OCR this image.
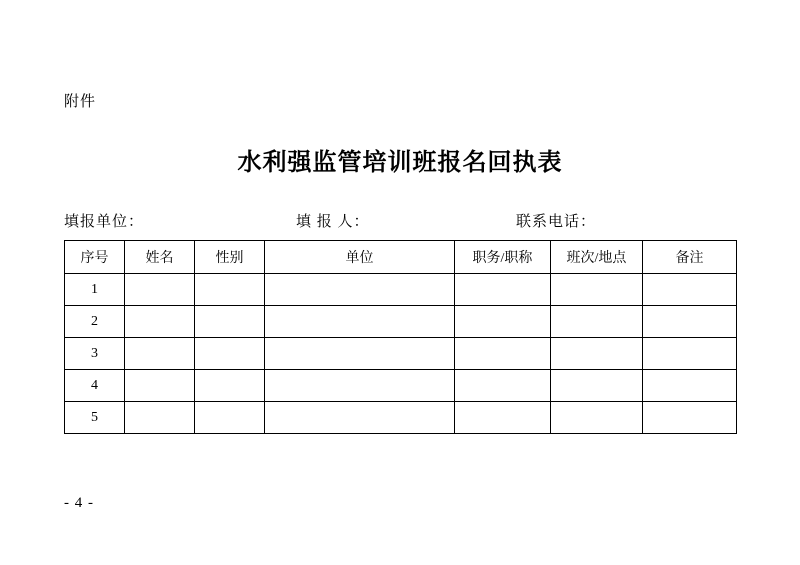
附件
水利强监管培训班报名回执表
填报单位：	填 报 人：	联系电话：
序号	姓名	性别	单位	职务/职称	班次/地点	备注
1						
2						
3						
4						
5						
- 4 -
